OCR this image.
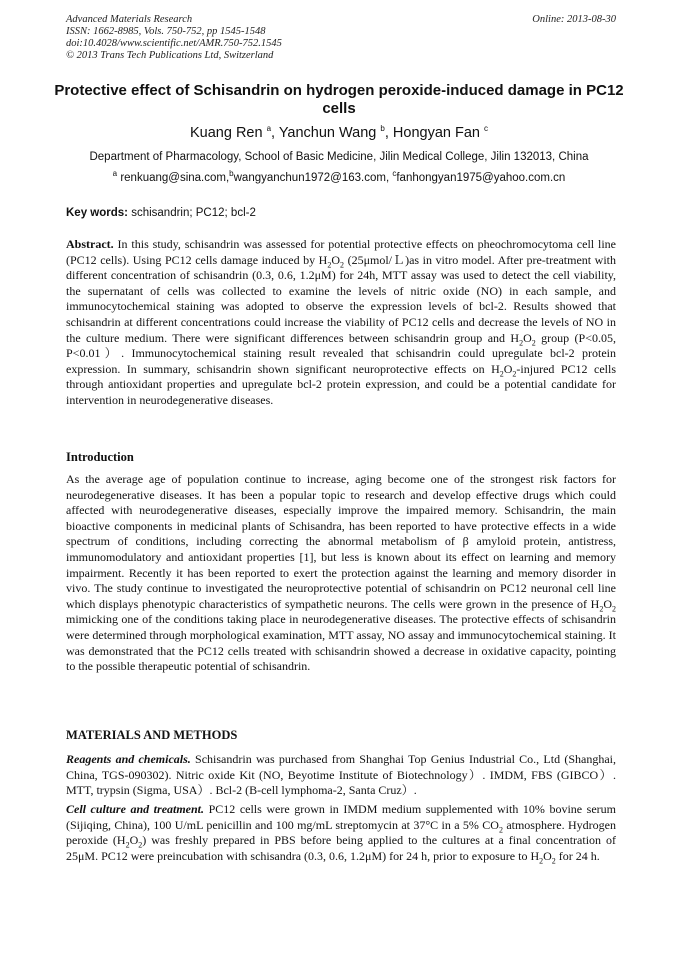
Advanced Materials Research
ISSN: 1662-8985, Vols. 750-752, pp 1545-1548
doi:10.4028/www.scientific.net/AMR.750-752.1545
© 2013 Trans Tech Publications Ltd, Switzerland
Online: 2013-08-30
Protective effect of Schisandrin on hydrogen peroxide-induced damage in PC12 cells
Kuang Ren $^a$, Yanchun Wang $^b$, Hongyan Fan $^c$
Department of Pharmacology, School of Basic Medicine, Jilin Medical College, Jilin 132013, China
$^a$ renkuang@sina.com,$^b$wangyanchun1972@163.com, $^c$fanhongyan1975@yahoo.com.cn
Key words: schisandrin; PC12; bcl-2
Abstract. In this study, schisandrin was assessed for potential protective effects on pheochromocytoma cell line (PC12 cells). Using PC12 cells damage induced by $H_2O_2$ (25μmol/Ｌ)as in vitro model. After pre-treatment with different concentration of schisandrin (0.3, 0.6, 1.2μM) for 24h, MTT assay was used to detect the cell viability, the supernatant of cells was collected to examine the levels of nitric oxide (NO) in each sample, and immunocytochemical staining was adopted to observe the expression levels of bcl-2. Results showed that schisandrin at different concentrations could increase the viability of PC12 cells and decrease the levels of NO in the culture medium. There were significant differences between schisandrin group and $H_2O_2$ group (P<0.05, P<0.01）. Immunocytochemical staining result revealed that schisandrin could upregulate bcl-2 protein expression. In summary, schisandrin shown significant neuroprotective effects on $H_2O_2$-injured PC12 cells through antioxidant properties and upregulate bcl-2 protein expression, and could be a potential candidate for intervention in neurodegenerative diseases.
Introduction
As the average age of population continue to increase, aging become one of the strongest risk factors for neurodegenerative diseases. It has been a popular topic to research and develop effective drugs which could affected with neurodegenerative diseases, especially improve the impaired memory. Schisandrin, the main bioactive components in medicinal plants of Schisandra, has been reported to have protective effects in a wide spectrum of conditions, including correcting the abnormal metabolism of β amyloid protein, antistress, immunomodulatory and antioxidant properties [1], but less is known about its effect on learning and memory impairment. Recently it has been reported to exert the protection against the learning and memory disorder in vivo. The study continue to investigated the neuroprotective potential of schisandrin on PC12 neuronal cell line which displays phenotypic characteristics of sympathetic neurons. The cells were grown in the presence of $H_2O_2$ mimicking one of the conditions taking place in neurodegenerative diseases. The protective effects of schisandrin were determined through morphological examination, MTT assay, NO assay and immunocytochemical staining. It was demonstrated that the PC12 cells treated with schisandrin showed a decrease in oxidative capacity, pointing to the possible therapeutic potential of schisandrin.
MATERIALS AND METHODS
Reagents and chemicals. Schisandrin was purchased from Shanghai Top Genius Industrial Co., Ltd (Shanghai, China, TGS-090302). Nitric oxide Kit (NO, Beyotime Institute of Biotechnology）. IMDM, FBS (GIBCO）. MTT, trypsin (Sigma, USA）. Bcl-2 (B-cell lymphoma-2, Santa Cruz）.
Cell culture and treatment. PC12 cells were grown in IMDM medium supplemented with 10% bovine serum (Sijiqing, China), 100 U/mL penicillin and 100 mg/mL streptomycin at 37°C in a 5% $CO_2$ atmosphere. Hydrogen peroxide $(H_2O_2)$ was freshly prepared in PBS before being applied to the cultures at a final concentration of 25μM. PC12 were preincubation with schisandra (0.3, 0.6, 1.2μM) for 24 h, prior to exposure to $H_2O_2$ for 24 h.
